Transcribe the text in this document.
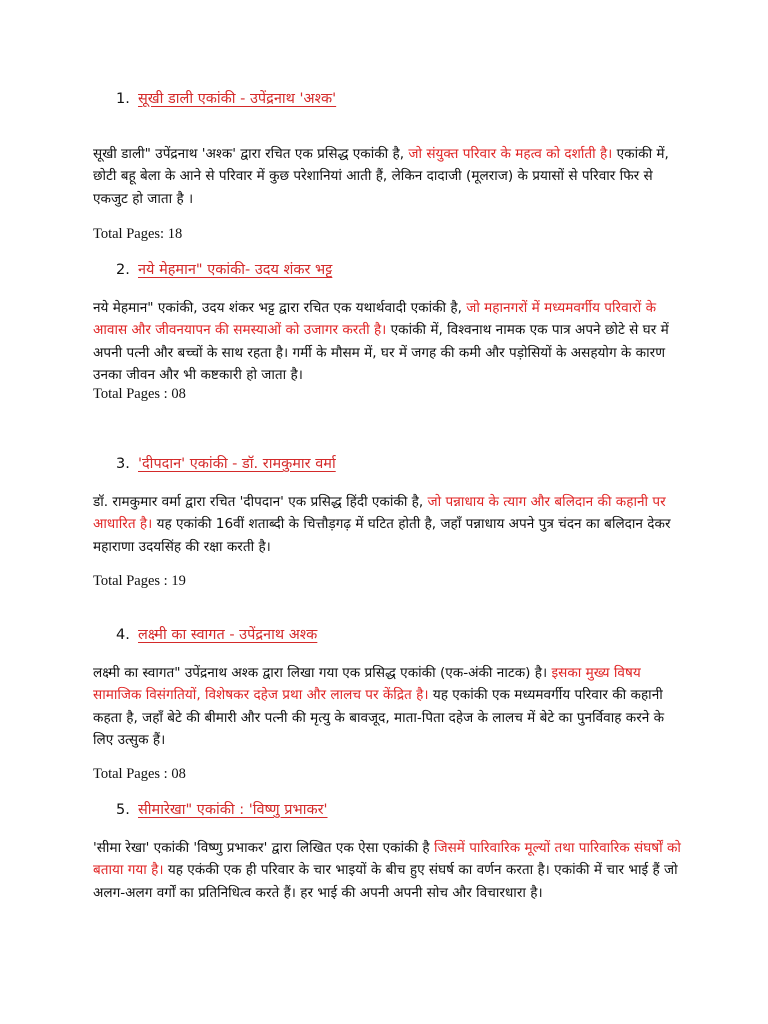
1. सूखी डाली एकांकी - उपेंद्रनाथ 'अश्क'
सूखी डाली" उपेंद्रनाथ 'अश्क' द्वारा रचित एक प्रसिद्ध एकांकी है, जो संयुक्त परिवार के महत्व को दर्शाती है। एकांकी में, छोटी बहू बेला के आने से परिवार में कुछ परेशानियां आती हैं, लेकिन दादाजी (मूलराज) के प्रयासों से परिवार फिर से एकजुट हो जाता है ।
Total Pages: 18
2. नये मेहमान" एकांकी- उदय शंकर भट्ट
नये मेहमान" एकांकी, उदय शंकर भट्ट द्वारा रचित एक यथार्थवादी एकांकी है, जो महानगरों में मध्यमवर्गीय परिवारों के आवास और जीवनयापन की समस्याओं को उजागर करती है। एकांकी में, विश्वनाथ नामक एक पात्र अपने छोटे से घर में अपनी पत्नी और बच्चों के साथ रहता है। गर्मी के मौसम में, घर में जगह की कमी और पड़ोसियों के असहयोग के कारण उनका जीवन और भी कष्टकारी हो जाता है।
Total Pages : 08
3. 'दीपदान' एकांकी - डॉ. रामकुमार वर्मा
डॉ. रामकुमार वर्मा द्वारा रचित 'दीपदान' एक प्रसिद्ध हिंदी एकांकी है, जो पन्नाधाय के त्याग और बलिदान की कहानी पर आधारित है। यह एकांकी 16वीं शताब्दी के चित्तौड़गढ़ में घटित होती है, जहाँ पन्नाधाय अपने पुत्र चंदन का बलिदान देकर महाराणा उदयसिंह की रक्षा करती है।
Total Pages : 19
4. लक्ष्मी का स्वागत - उपेंद्रनाथ अश्क
लक्ष्मी का स्वागत" उपेंद्रनाथ अश्क द्वारा लिखा गया एक प्रसिद्ध एकांकी (एक-अंकी नाटक) है। इसका मुख्य विषय सामाजिक विसंगतियों, विशेषकर दहेज प्रथा और लालच पर केंद्रित है। यह एकांकी एक मध्यमवर्गीय परिवार की कहानी कहता है, जहाँ बेटे की बीमारी और पत्नी की मृत्यु के बावजूद, माता-पिता दहेज के लालच में बेटे का पुनर्विवाह करने के लिए उत्सुक हैं।
Total Pages : 08
5. सीमारेखा" एकांकी : 'विष्णु प्रभाकर'
'सीमा रेखा' एकांकी 'विष्णु प्रभाकर' द्वारा लिखित एक ऐसा एकांकी है जिसमें पारिवारिक मूल्यों तथा पारिवारिक संघर्षों को बताया गया है। यह एकंकी एक ही परिवार के चार भाइयों के बीच हुए संघर्ष का वर्णन करता है। एकांकी में चार भाई हैं जो अलग-अलग वर्गों का प्रतिनिधित्व करते हैं। हर भाई की अपनी अपनी सोच और विचारधारा है।
